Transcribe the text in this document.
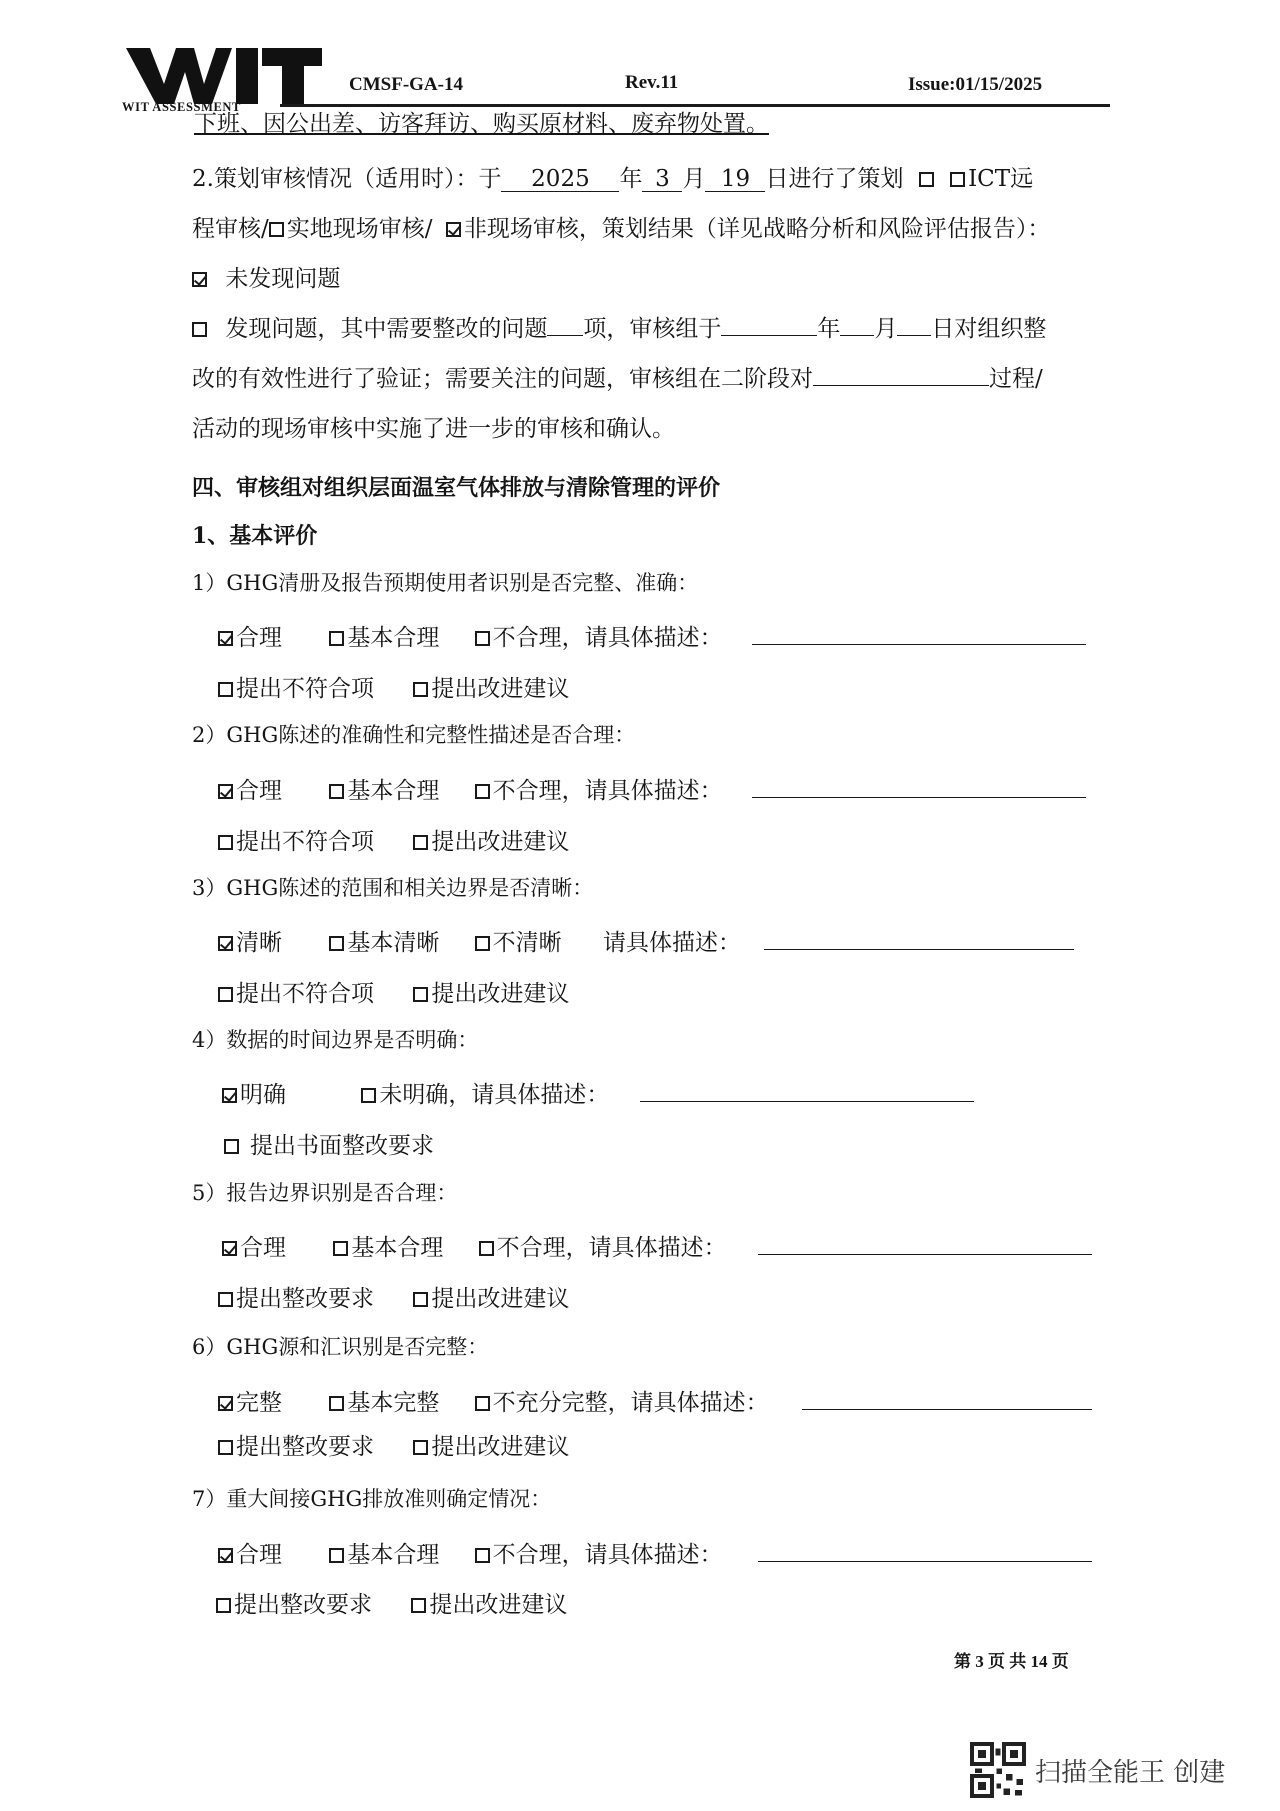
WIT ASSESSMENT
CMSF-GA-14	Rev.11	Issue:01/15/2025
下班、因公出差、访客拜访、购买原材料、废弃物处置。
2.策划审核情况（适用时）：于 2025 年 3 月 19 日进行了策划	ICT远
程审核/ 实地现场审核/ 非现场审核，策划结果（详见战略分析和风险评估报告）：
未发现问题
发现问题，其中需要整改的问题 项，审核组于	年 月 日对组织整
改的有效性进行了验证；需要关注的问题，审核组在二阶段对	过程/
活动的现场审核中实施了进一步的审核和确认。
四、审核组对组织层面温室气体排放与清除管理的评价
1、基本评价
1）GHG清册及报告预期使用者识别是否完整、准确：
合理	基本合理 不合理，请具体描述：
提出不符合项 提出改进建议
2）GHG陈述的准确性和完整性描述是否合理：
合理	基本合理 不合理，请具体描述：
提出不符合项 提出改进建议
3）GHG陈述的范围和相关边界是否清晰：
清晰	基本清晰 不清晰 请具体描述：
提出不符合项 提出改进建议
4）数据的时间边界是否明确：
明确	未明确，请具体描述：
提出书面整改要求
5）报告边界识别是否合理：
合理	基本合理 不合理，请具体描述：
提出整改要求 提出改进建议
6）GHG源和汇识别是否完整：
完整	基本完整 不充分完整，请具体描述：
提出整改要求 提出改进建议
7）重大间接GHG排放准则确定情况：
合理	基本合理 不合理，请具体描述：
提出整改要求 提出改进建议
第 3 页 共 14 页
扫描全能王 创建
